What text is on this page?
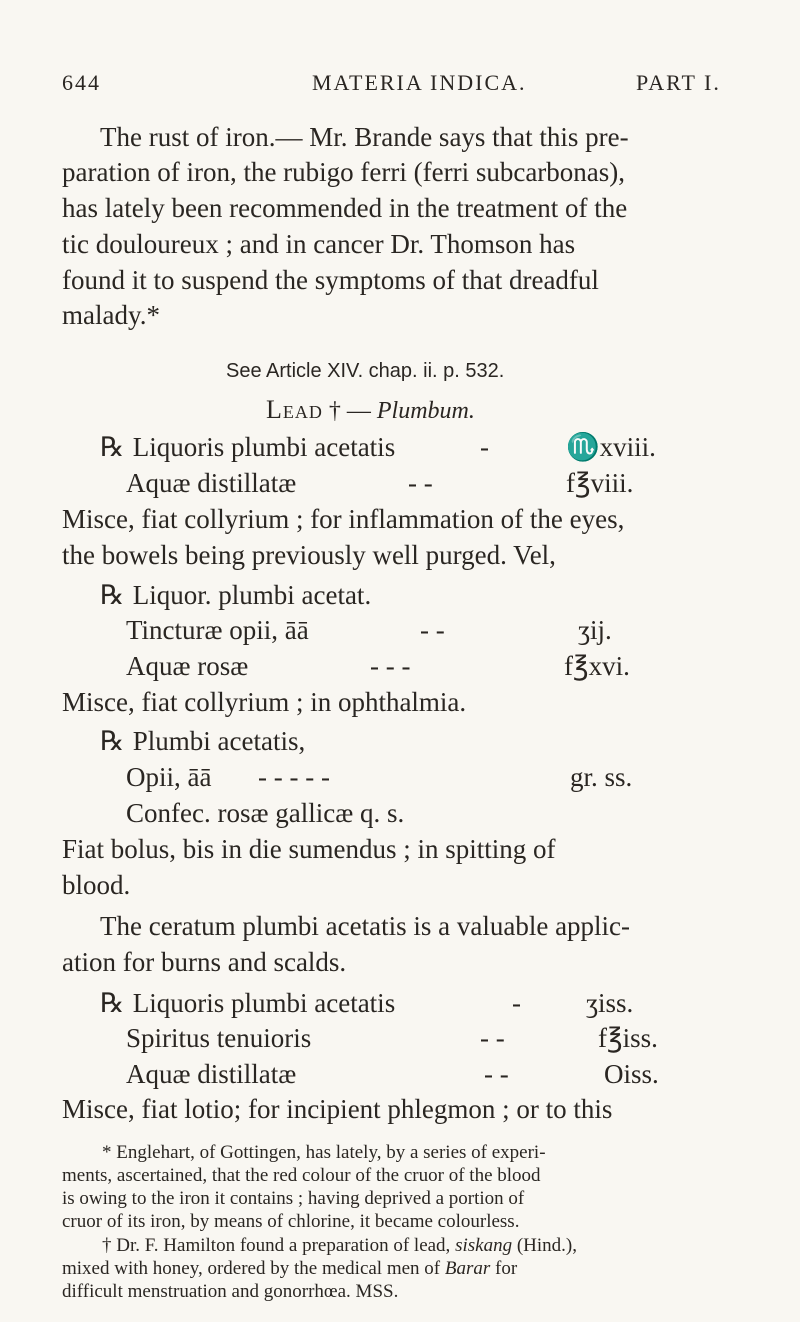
644	MATERIA INDICA.	PART I.
The rust of iron.— Mr. Brande says that this pre-
paration of iron, the rubigo ferri (ferri subcarbonas),
has lately been recommended in the treatment of the
tic douloureux ; and in cancer Dr. Thomson has
found it to suspend the symptoms of that dreadful
malady.*
See Article XIV. chap. ii. p. 532.
Lead † — Plumbum.
℞ Liquoris plumbi acetatis	-	♏xviii.
Aquæ distillatæ	- -	f℥viii.
Misce, fiat collyrium ; for inflammation of the eyes,
the bowels being previously well purged. Vel,
℞ Liquor. plumbi acetat.
Tincturæ opii, āā	- -	ʒij.
Aquæ rosæ	- - -	f℥xvi.
Misce, fiat collyrium ; in ophthalmia.
℞ Plumbi acetatis,
Opii, āā - - - - -	gr. ss.
Confec. rosæ gallicæ q. s.
Fiat bolus, bis in die sumendus ; in spitting of
blood.
The ceratum plumbi acetatis is a valuable applic-
ation for burns and scalds.
℞ Liquoris plumbi acetatis	- ʒiss.
Spiritus tenuioris	- -	f℥iss.
Aquæ distillatæ	- -	Oiss.
Misce, fiat lotio; for incipient phlegmon ; or to this
* Englehart, of Gottingen, has lately, by a series of experi-
ments, ascertained, that the red colour of the cruor of the blood
is owing to the iron it contains ; having deprived a portion of
cruor of its iron, by means of chlorine, it became colourless.
† Dr. F. Hamilton found a preparation of lead, siskang (Hind.),
mixed with honey, ordered by the medical men of Barar for
difficult menstruation and gonorrhœa. MSS.
